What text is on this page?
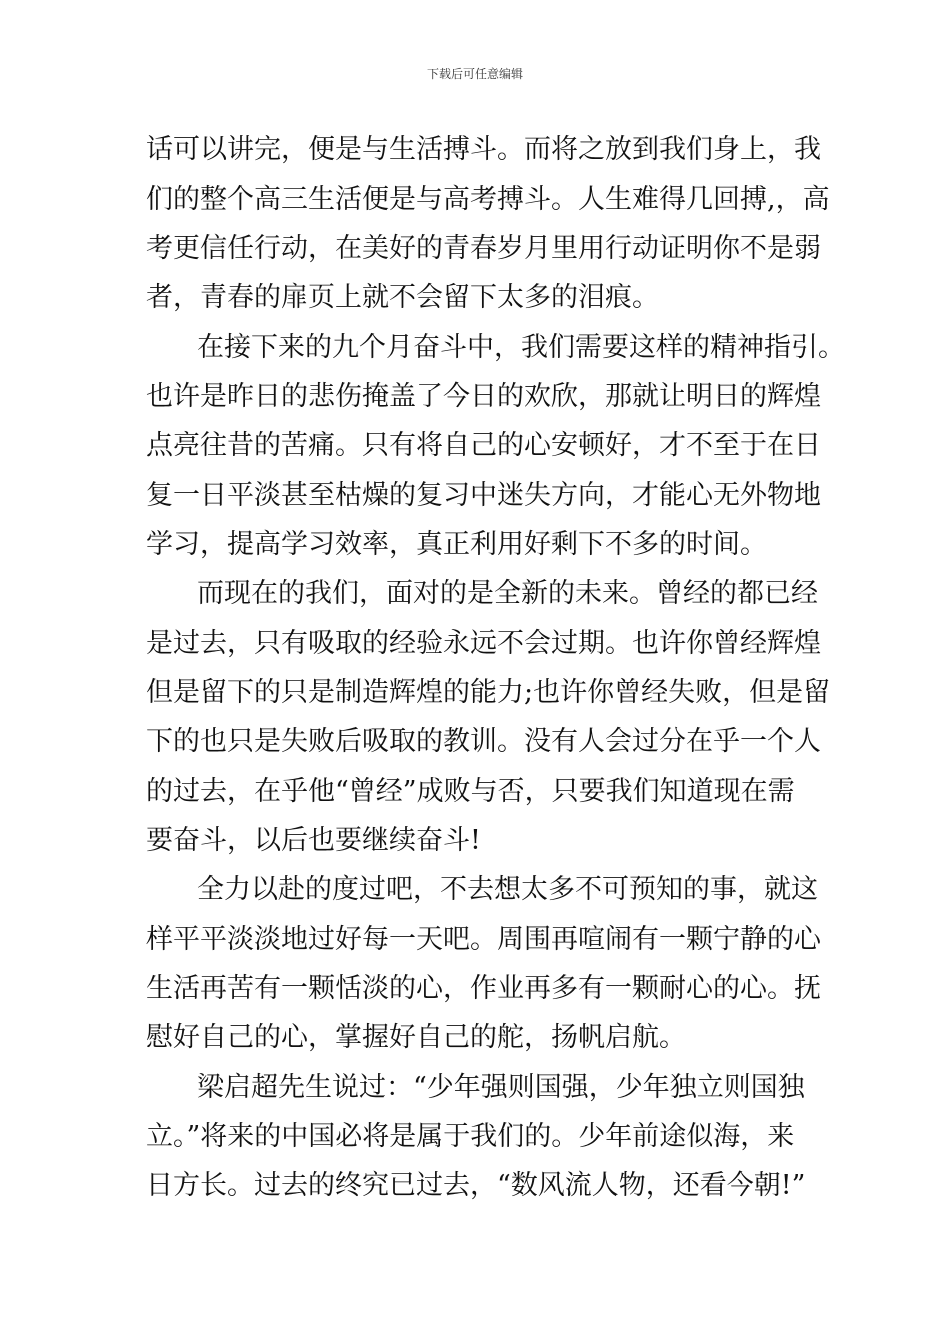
下载后可任意编辑
话可以讲完，便是与生活搏斗。而将之放到我们身上，我
们的整个高三生活便是与高考搏斗。人生难得几回搏,，高
考更信任行动，在美好的青春岁月里用行动证明你不是弱
者，青春的扉页上就不会留下太多的泪痕。
在接下来的九个月奋斗中，我们需要这样的精神指引。
也许是昨日的悲伤掩盖了今日的欢欣，那就让明日的辉煌
点亮往昔的苦痛。只有将自己的心安顿好，才不至于在日
复一日平淡甚至枯燥的复习中迷失方向，才能心无外物地
学习，提高学习效率，真正利用好剩下不多的时间。
而现在的我们，面对的是全新的未来。曾经的都已经
是过去，只有吸取的经验永远不会过期。也许你曾经辉煌
但是留下的只是制造辉煌的能力;也许你曾经失败，但是留
下的也只是失败后吸取的教训。没有人会过分在乎一个人
的过去，在乎他“曾经”成败与否，只要我们知道现在需
要奋斗，以后也要继续奋斗!
全力以赴的度过吧，不去想太多不可预知的事，就这
样平平淡淡地过好每一天吧。周围再喧闹有一颗宁静的心
生活再苦有一颗恬淡的心，作业再多有一颗耐心的心。抚
慰好自己的心，掌握好自己的舵，扬帆启航。
梁启超先生说过：“少年强则国强，少年独立则国独
立。”将来的中国必将是属于我们的。少年前途似海，来
日方长。过去的终究已过去，“数风流人物，还看今朝!”
